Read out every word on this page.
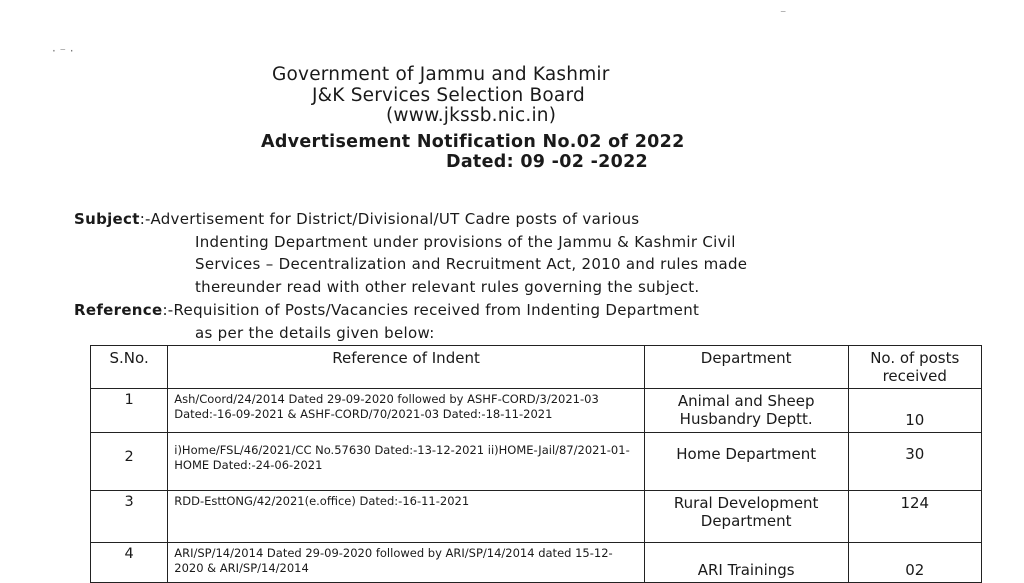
· ⁻ ·
⁻
Government of Jammu and Kashmir
J&K Services Selection Board
(www.jkssb.nic.in)
Advertisement Notification No.02 of 2022
Dated: 09 -02 -2022
Subject:-Advertisement for District/Divisional/UT Cadre posts of various
Indenting Department under provisions of the Jammu & Kashmir Civil
Services – Decentralization and Recruitment Act, 2010 and rules made
thereunder read with other relevant rules governing the subject.
Reference:-Requisition of Posts/Vacancies received from Indenting Department
as per the details given below:
S.No.	Reference of Indent	Department	No. of posts received
1	Ash/Coord/24/2014 Dated 29-09-2020 followed by ASHF-CORD/3/2021-03 Dated:-16-09-2021 & ASHF-CORD/70/2021-03 Dated:-18-11-2021	Animal and Sheep Husbandry Deptt.	10
2	i)Home/FSL/46/2021/CC No.57630 Dated:-13-12-2021 ii)HOME-Jail/87/2021-01-HOME Dated:-24-06-2021	Home Department	30
3	RDD-EsttONG/42/2021(e.office) Dated:-16-11-2021	Rural Development Department	124
4	ARI/SP/14/2014 Dated 29-09-2020 followed by ARI/SP/14/2014 dated 15-12-2020 & ARI/SP/14/2014	ARI Trainings	02
